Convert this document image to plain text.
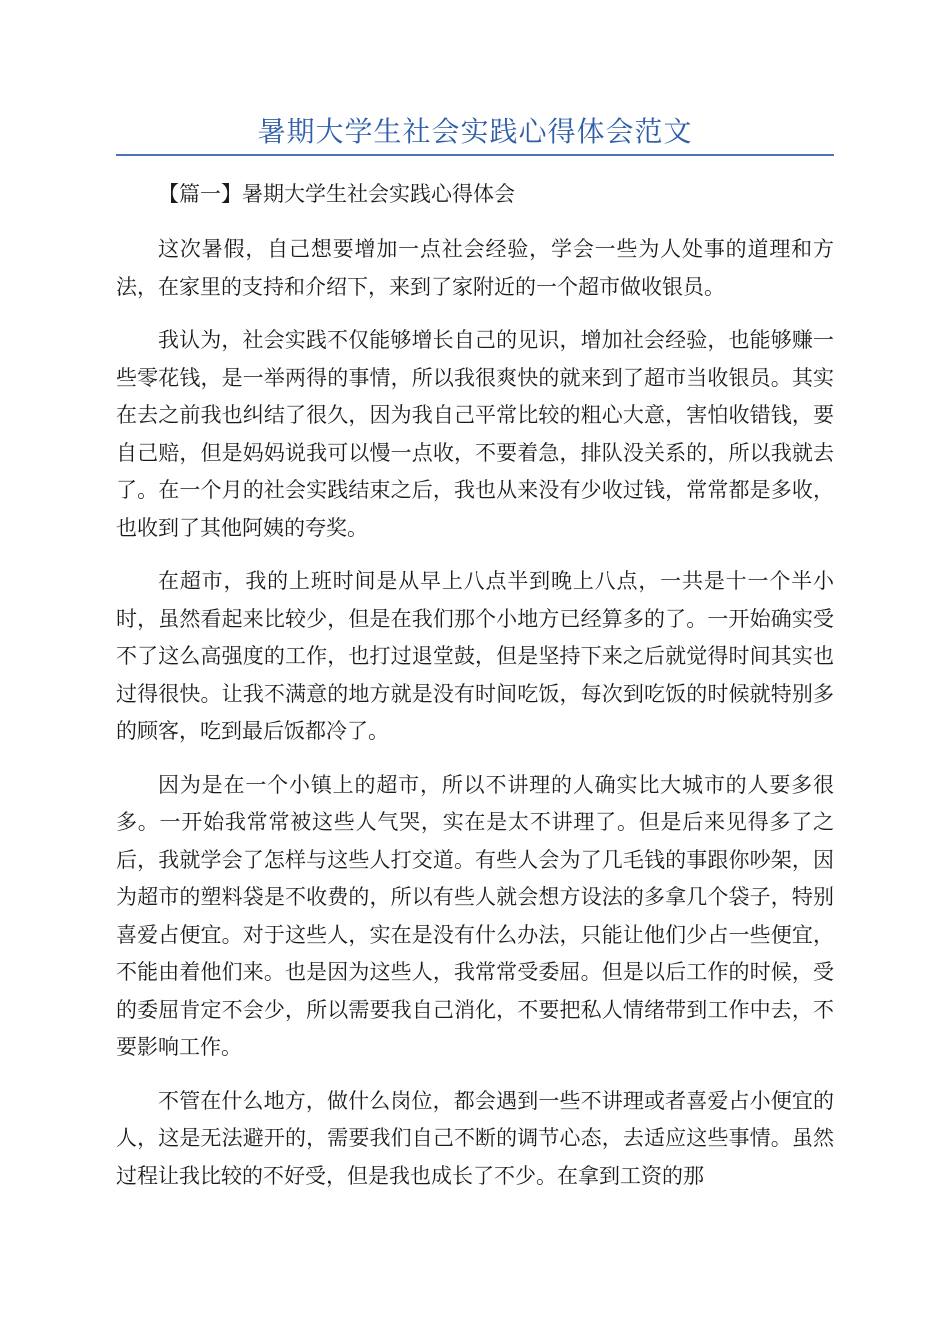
暑期大学生社会实践心得体会范文

【篇一】暑期大学生社会实践心得体会

这次暑假，自己想要增加一点社会经验，学会一些为人处事的道理和方法，在家里的支持和介绍下，来到了家附近的一个超市做收银员。

我认为，社会实践不仅能够增长自己的见识，增加社会经验，也能够赚一些零花钱，是一举两得的事情，所以我很爽快的就来到了超市当收银员。其实在去之前我也纠结了很久，因为我自己平常比较的粗心大意，害怕收错钱，要自己赔，但是妈妈说我可以慢一点收，不要着急，排队没关系的，所以我就去了。在一个月的社会实践结束之后，我也从来没有少收过钱，常常都是多收，也收到了其他阿姨的夸奖。

在超市，我的上班时间是从早上八点半到晚上八点，一共是十一个半小时，虽然看起来比较少，但是在我们那个小地方已经算多的了。一开始确实受不了这么高强度的工作，也打过退堂鼓，但是坚持下来之后就觉得时间其实也过得很快。让我不满意的地方就是没有时间吃饭，每次到吃饭的时候就特别多的顾客，吃到最后饭都冷了。

因为是在一个小镇上的超市，所以不讲理的人确实比大城市的人要多很多。一开始我常常被这些人气哭，实在是太不讲理了。但是后来见得多了之后，我就学会了怎样与这些人打交道。有些人会为了几毛钱的事跟你吵架，因为超市的塑料袋是不收费的，所以有些人就会想方设法的多拿几个袋子，特别喜爱占便宜。对于这些人，实在是没有什么办法，只能让他们少占一些便宜，不能由着他们来。也是因为这些人，我常常受委屈。但是以后工作的时候，受的委屈肯定不会少，所以需要我自己消化，不要把私人情绪带到工作中去，不要影响工作。

不管在什么地方，做什么岗位，都会遇到一些不讲理或者喜爱占小便宜的人，这是无法避开的，需要我们自己不断的调节心态，去适应这些事情。虽然过程让我比较的不好受，但是我也成长了不少。在拿到工资的那
